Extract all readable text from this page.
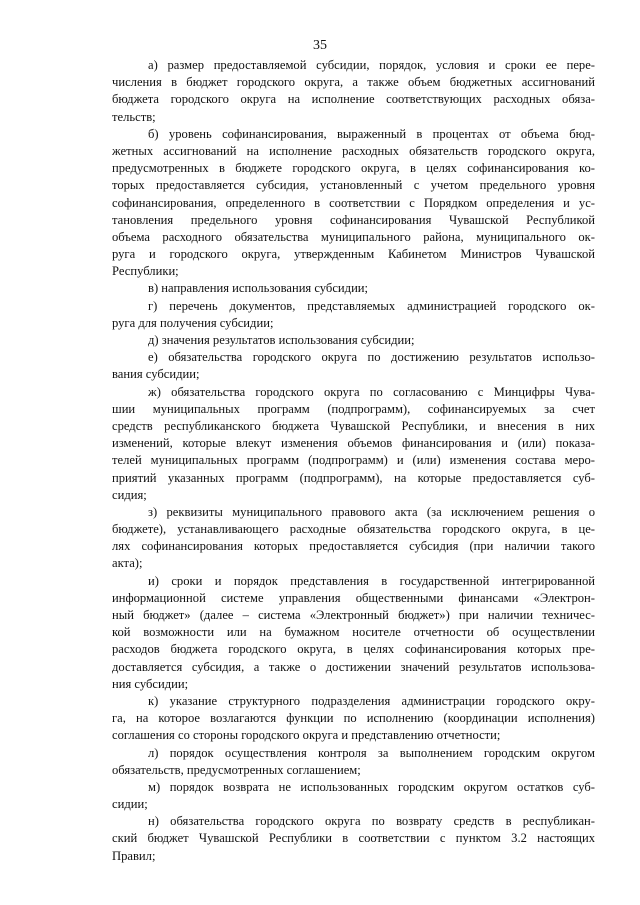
35
а) размер предоставляемой субсидии, порядок, условия и сроки ее пере-
числения в бюджет городского округа, а также объем бюджетных ассигнований
бюджета городского округа на исполнение соответствующих расходных обяза-
тельств;
б) уровень софинансирования, выраженный в процентах от объема бюд-
жетных ассигнований на исполнение расходных обязательств городского округа,
предусмотренных в бюджете городского округа, в целях софинансирования ко-
торых предоставляется субсидия, установленный с учетом предельного уровня
софинансирования, определенного в соответствии с Порядком определения и ус-
тановления предельного уровня софинансирования Чувашской Республикой
объема расходного обязательства муниципального района, муниципального ок-
руга и городского округа, утвержденным Кабинетом Министров Чувашской
Республики;
в) направления использования субсидии;
г) перечень документов, представляемых администрацией городского ок-
руга для получения субсидии;
д) значения результатов использования субсидии;
е) обязательства городского округа по достижению результатов использо-
вания субсидии;
ж) обязательства городского округа по согласованию с Минцифры Чува-
шии муниципальных программ (подпрограмм), софинансируемых за счет
средств республиканского бюджета Чувашской Республики, и внесения в них
изменений, которые влекут изменения объемов финансирования и (или) показа-
телей муниципальных программ (подпрограмм) и (или) изменения состава меро-
приятий указанных программ (подпрограмм), на которые предоставляется суб-
сидия;
з) реквизиты муниципального правового акта (за исключением решения о
бюджете), устанавливающего расходные обязательства городского округа, в це-
лях софинансирования которых предоставляется субсидия (при наличии такого
акта);
и) сроки и порядок представления в государственной интегрированной
информационной системе управления общественными финансами «Электрон-
ный бюджет» (далее – система «Электронный бюджет») при наличии техничес-
кой возможности или на бумажном носителе отчетности об осуществлении
расходов бюджета городского округа, в целях софинансирования которых пре-
доставляется субсидия, а также о достижении значений результатов использова-
ния субсидии;
к) указание структурного подразделения администрации городского окру-
га, на которое возлагаются функции по исполнению (координации исполнения)
соглашения со стороны городского округа и представлению отчетности;
л) порядок осуществления контроля за выполнением городским округом
обязательств, предусмотренных соглашением;
м) порядок возврата не использованных городским округом остатков суб-
сидии;
н) обязательства городского округа по возврату средств в республикан-
ский бюджет Чувашской Республики в соответствии с пунктом 3.2 настоящих
Правил;
